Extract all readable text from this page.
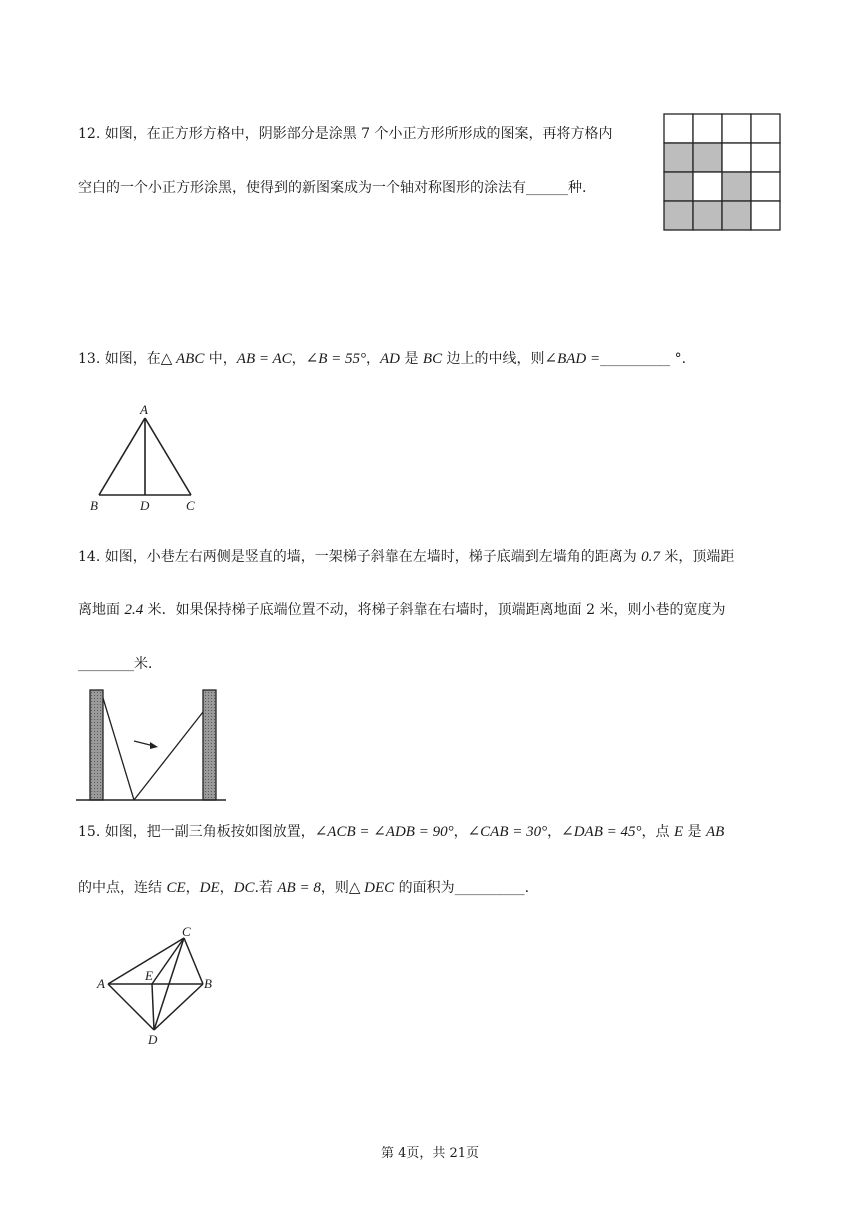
12. 如图，在正方形方格中，阴影部分是涂黑 7 个小正方形所形成的图案，再将方格内
空白的一个小正方形涂黑，使得到的新图案成为一个轴对称图形的涂法有______种.
13. 如图，在△ ABC 中，AB = AC，∠B = 55°，AD 是 BC 边上的中线，则∠BAD =__________ °.
A
B	D	C
14. 如图，小巷左右两侧是竖直的墙，一架梯子斜靠在左墙时，梯子底端到左墙角的距离为 0.7 米，顶端距
离地面 2.4 米．如果保持梯子底端位置不动，将梯子斜靠在右墙时，顶端距离地面 2 米，则小巷的宽度为
________米．
15. 如图，把一副三角板按如图放置，∠ACB = ∠ADB = 90°，∠CAB = 30°，∠DAB = 45°，点 E 是 AB
的中点，连结 CE，DE，DC.若 AB = 8，则△ DEC 的面积为__________.
C
A
E
B
D
第 4页，共 21页
